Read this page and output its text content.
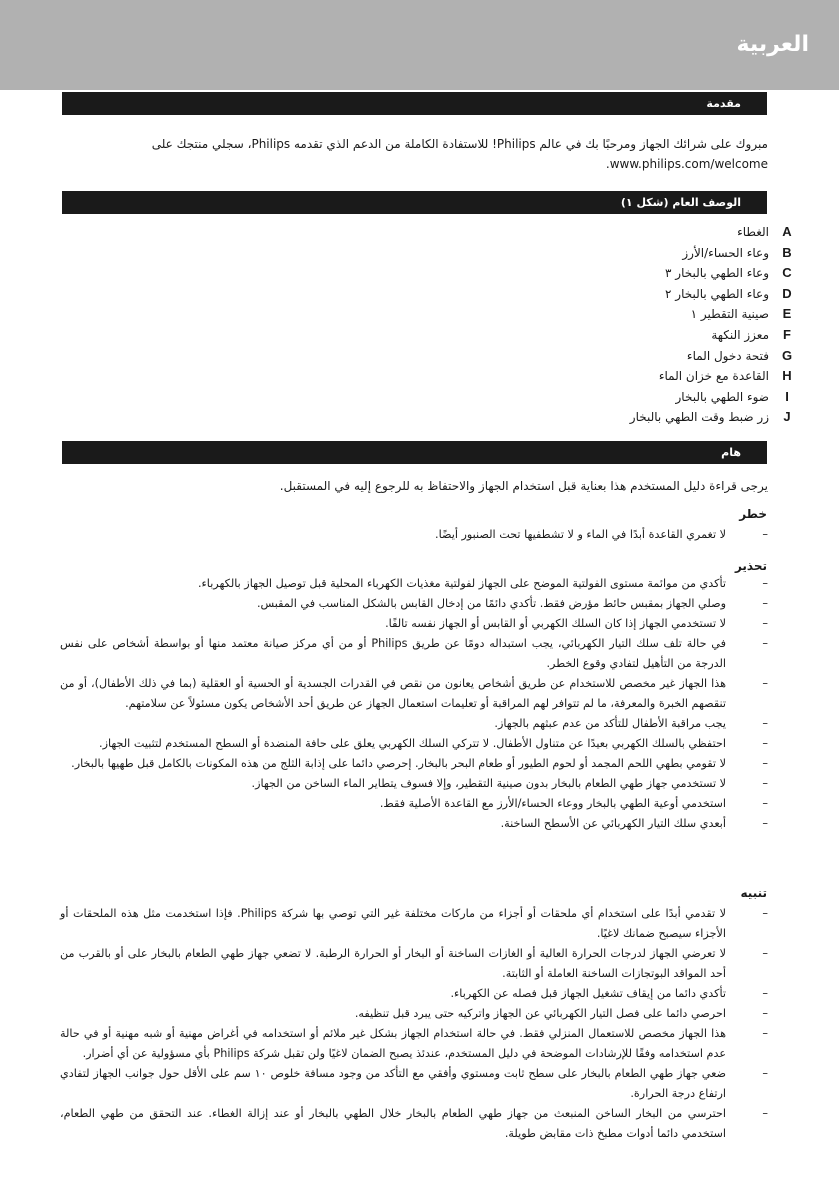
العربية
مقدمة
مبروك على شرائك الجهاز ومرحبًا بك في عالم Philips! للاستفادة الكاملة من الدعم الذي تقدمه Philips، سجلي منتجك على www.philips.com/welcome.
الوصف العام (شكل ١)
A
الغطاء
B
وعاء الحساء/الأرز
C
وعاء الطهي بالبخار ٣
D
وعاء الطهي بالبخار ٢
E
صينية التقطير ١
F
معزز النكهة
G
فتحة دخول الماء
H
القاعدة مع خزان الماء
I
ضوء الطهي بالبخار
J
زر ضبط وقت الطهي بالبخار
هام
يرجى قراءة دليل المستخدم هذا بعناية قبل استخدام الجهاز والاحتفاظ به للرجوع إليه في المستقبل.
خطر
– لا تغمري القاعدة أبدًا في الماء و لا تشطفيها تحت الصنبور أيضًا.
تحذير
– تأكدي من موائمة مستوى الفولتية الموضح على الجهاز لفولتية مغذيات الكهرباء المحلية قبل توصيل الجهاز بالكهرباء.
– وصلي الجهاز بمقبس حائط مؤرض فقط. تأكدي دائمًا من إدخال القابس بالشكل المناسب في المقبس.
– لا تستخدمي الجهاز إذا كان السلك الكهربي أو القابس أو الجهاز نفسه تالفًا.
– في حالة تلف سلك التيار الكهربائي، يجب استبداله دومًا عن طريق Philips أو من أي مركز صيانة معتمد منها أو بواسطة أشخاص على نفس الدرجة من التأهيل لتفادي وقوع الخطر.
– هذا الجهاز غير مخصص للاستخدام عن طريق أشخاص يعانون من نقص في القدرات الجسدية أو الحسية أو العقلية (بما في ذلك الأطفال)، أو من تنقصهم الخبرة والمعرفة، ما لم تتوافر لهم المراقبة أو تعليمات استعمال الجهاز عن طريق أحد الأشخاص يكون مسئولاً عن سلامتهم.
– يجب مراقبة الأطفال للتأكد من عدم عبثهم بالجهاز.
– احتفظي بالسلك الكهربي بعيدًا عن متناول الأطفال. لا تتركي السلك الكهربي يعلق على حافة المنضدة أو السطح المستخدم لتثبيت الجهاز.
– لا تقومي بطهي اللحم المجمد أو لحوم الطيور أو طعام البحر بالبخار. إحرصي دائما على إذابة الثلج من هذه المكونات بالكامل قبل طهيها بالبخار.
– لا تستخدمي جهاز طهي الطعام بالبخار بدون صينية التقطير، وإلا فسوف يتطاير الماء الساخن من الجهاز.
– استخدمي أوعية الطهي بالبخار ووعاء الحساء/الأرز مع القاعدة الأصلية فقط.
– أبعدي سلك التيار الكهربائي عن الأسطح الساخنة.
تنبيه
– لا تقدمي أبدًا على استخدام أي ملحقات أو أجزاء من ماركات مختلفة غير التي توصي بها شركة Philips. فإذا استخدمت مثل هذه الملحقات أو الأجزاء سيصبح ضمانك لاغيًا.
– لا تعرضي الجهاز لدرجات الحرارة العالية أو الغازات الساخنة أو البخار أو الحرارة الرطبة. لا تضعي جهاز طهي الطعام بالبخار على أو بالقرب من أحد المواقد البوتجازات الساخنة العاملة أو الثابتة.
– تأكدي دائما من إيقاف تشغيل الجهاز قبل فصله عن الكهرباء.
– احرصي دائما على فصل التيار الكهربائي عن الجهاز واتركيه حتى يبرد قبل تنظيفه.
– هذا الجهاز مخصص للاستعمال المنزلي فقط. في حالة استخدام الجهاز بشكل غير ملائم أو استخدامه في أغراض مهنية أو شبه مهنية أو في حالة عدم استخدامه وفقًا للإرشادات الموضحة في دليل المستخدم، عندئذ يصبح الضمان لاغيًا ولن تقبل شركة Philips بأي مسؤولية عن أي أضرار.
– ضعي جهاز طهي الطعام بالبخار على سطح ثابت ومستوي وأفقي مع التأكد من وجود مسافة خلوص ١٠ سم على الأقل حول جوانب الجهاز لتفادي ارتفاع درجة الحرارة.
– احترسي من البخار الساخن المنبعث من جهاز طهي الطعام بالبخار خلال الطهي بالبخار أو عند إزالة الغطاء. عند التحقق من طهي الطعام، استخدمي دائما أدوات مطبخ ذات مقابض طويلة.
